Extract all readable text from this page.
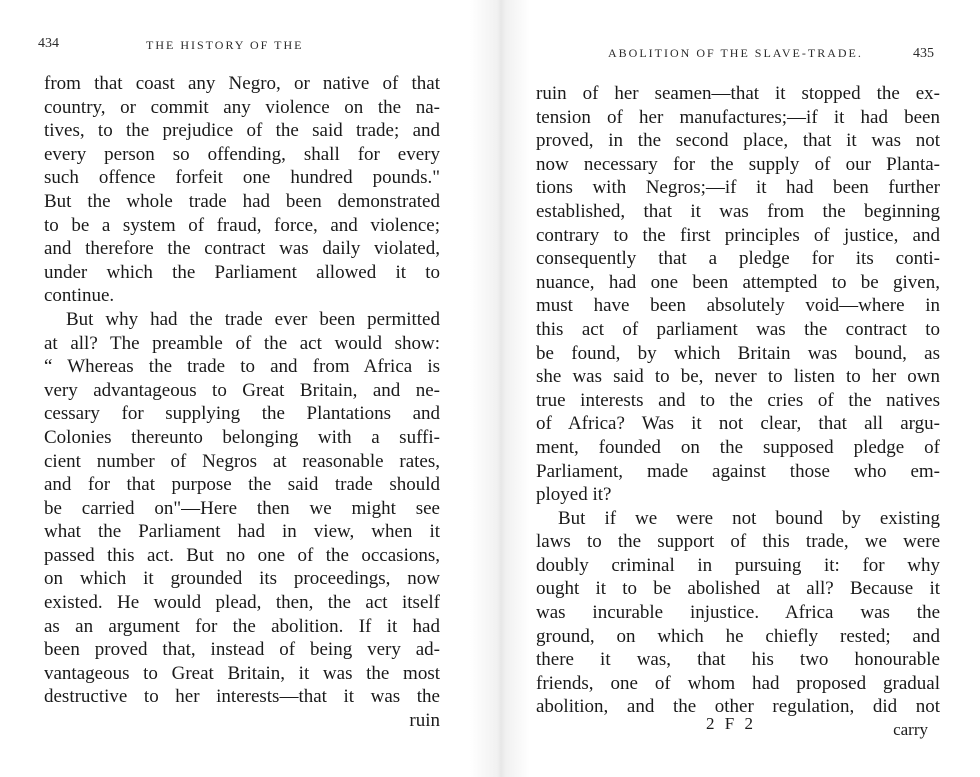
434	THE HISTORY OF THE
from that coast any Negro, or native of that
country, or commit any violence on the na-
tives, to the prejudice of the said trade; and
every person so offending, shall for every
such offence forfeit one hundred pounds."
But the whole trade had been demonstrated
to be a system of fraud, force, and violence;
and therefore the contract was daily violated,
under which the Parliament allowed it to
continue.
But why had the trade ever been permitted
at all? The preamble of the act would show:
“ Whereas the trade to and from Africa is
very advantageous to Great Britain, and ne-
cessary for supplying the Plantations and
Colonies thereunto belonging with a suffi-
cient number of Negros at reasonable rates,
and for that purpose the said trade should
be carried on"—Here then we might see
what the Parliament had in view, when it
passed this act. But no one of the occasions,
on which it grounded its proceedings, now
existed. He would plead, then, the act itself
as an argument for the abolition. If it had
been proved that, instead of being very ad-
vantageous to Great Britain, it was the most
destructive to her interests—that it was the
ruin
ABOLITION OF THE SLAVE-TRADE.	435
ruin of her seamen—that it stopped the ex-
tension of her manufactures;—if it had been
proved, in the second place, that it was not
now necessary for the supply of our Planta-
tions with Negros;—if it had been further
established, that it was from the beginning
contrary to the first principles of justice, and
consequently that a pledge for its conti-
nuance, had one been attempted to be given,
must have been absolutely void—where in
this act of parliament was the contract to
be found, by which Britain was bound, as
she was said to be, never to listen to her own
true interests and to the cries of the natives
of Africa? Was it not clear, that all argu-
ment, founded on the supposed pledge of
Parliament, made against those who em-
ployed it?
But if we were not bound by existing
laws to the support of this trade, we were
doubly criminal in pursuing it: for why
ought it to be abolished at all? Because it
was incurable injustice. Africa was the
ground, on which he chiefly rested; and
there it was, that his two honourable
friends, one of whom had proposed gradual
abolition, and the other regulation, did not
2 F 2	carry
